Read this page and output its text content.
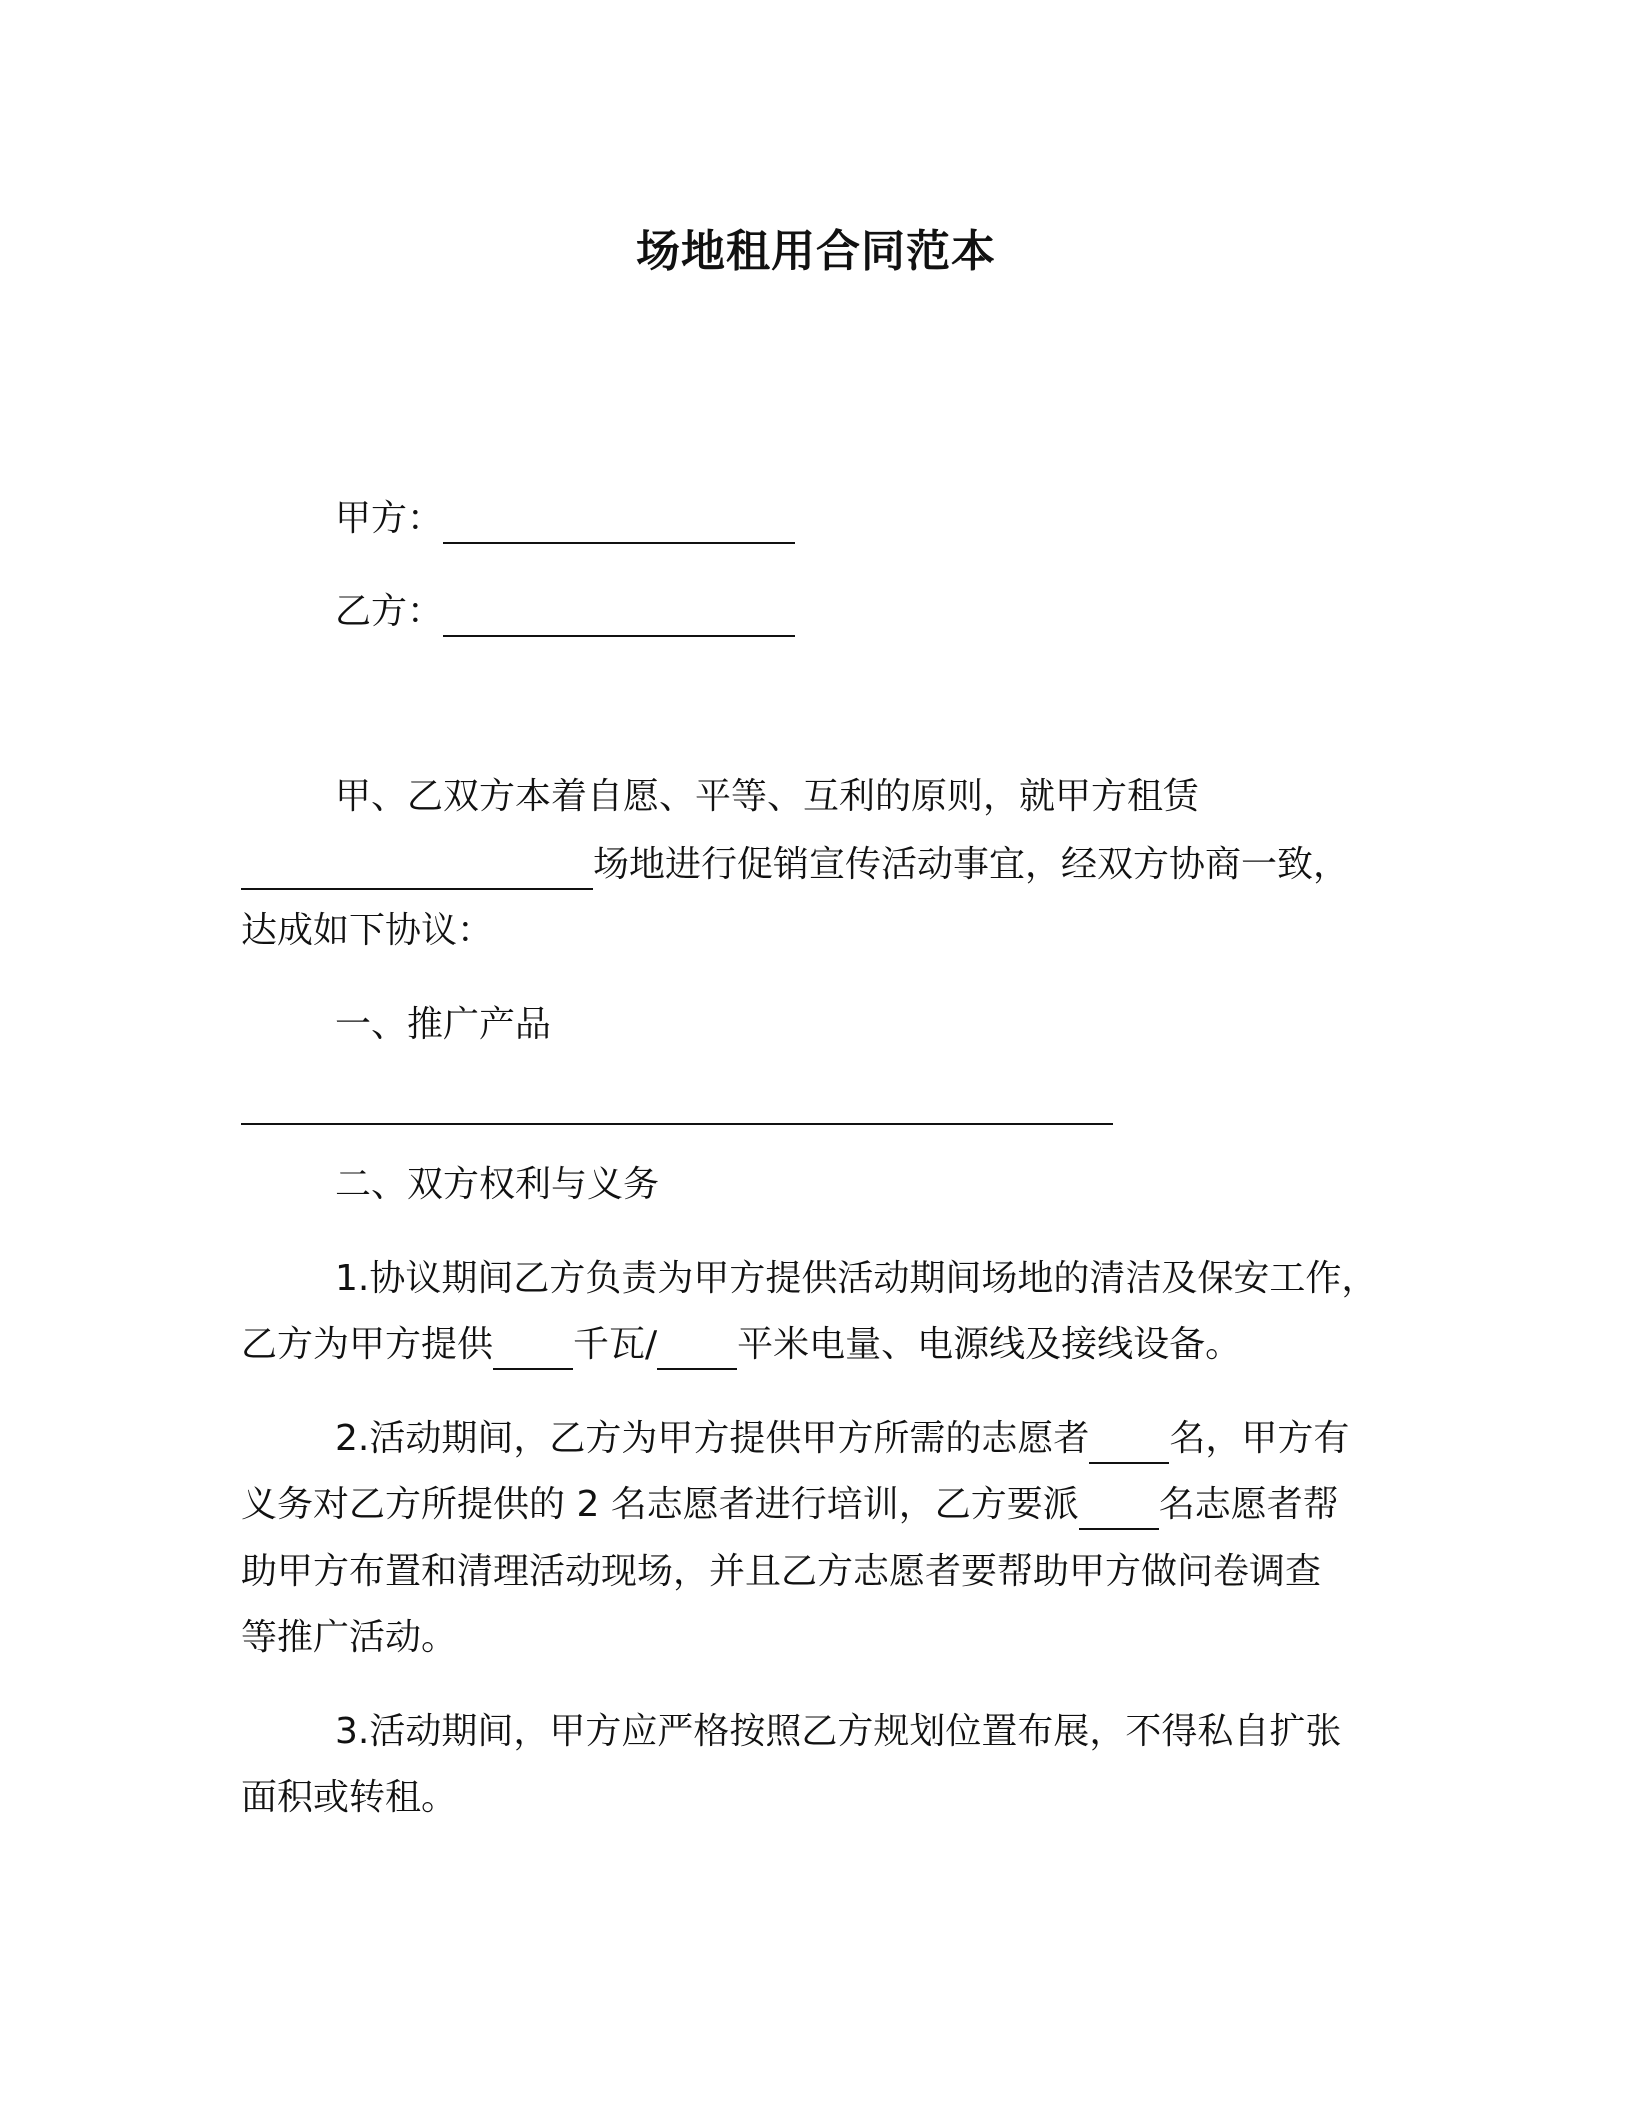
场地租用合同范本
甲方：
乙方：
甲、乙双方本着自愿、平等、互利的原则，就甲方租赁
场地进行促销宣传活动事宜，经双方协商一致，
达成如下协议：
一、推广产品
二、双方权利与义务
1.协议期间乙方负责为甲方提供活动期间场地的清洁及保安工作，
乙方为甲方提供 千瓦/ 平米电量、电源线及接线设备。
2.活动期间，乙方为甲方提供甲方所需的志愿者 名，甲方有
义务对乙方所提供的 2 名志愿者进行培训，乙方要派 名志愿者帮
助甲方布置和清理活动现场，并且乙方志愿者要帮助甲方做问卷调查
等推广活动。
3.活动期间，甲方应严格按照乙方规划位置布展，不得私自扩张
面积或转租。
